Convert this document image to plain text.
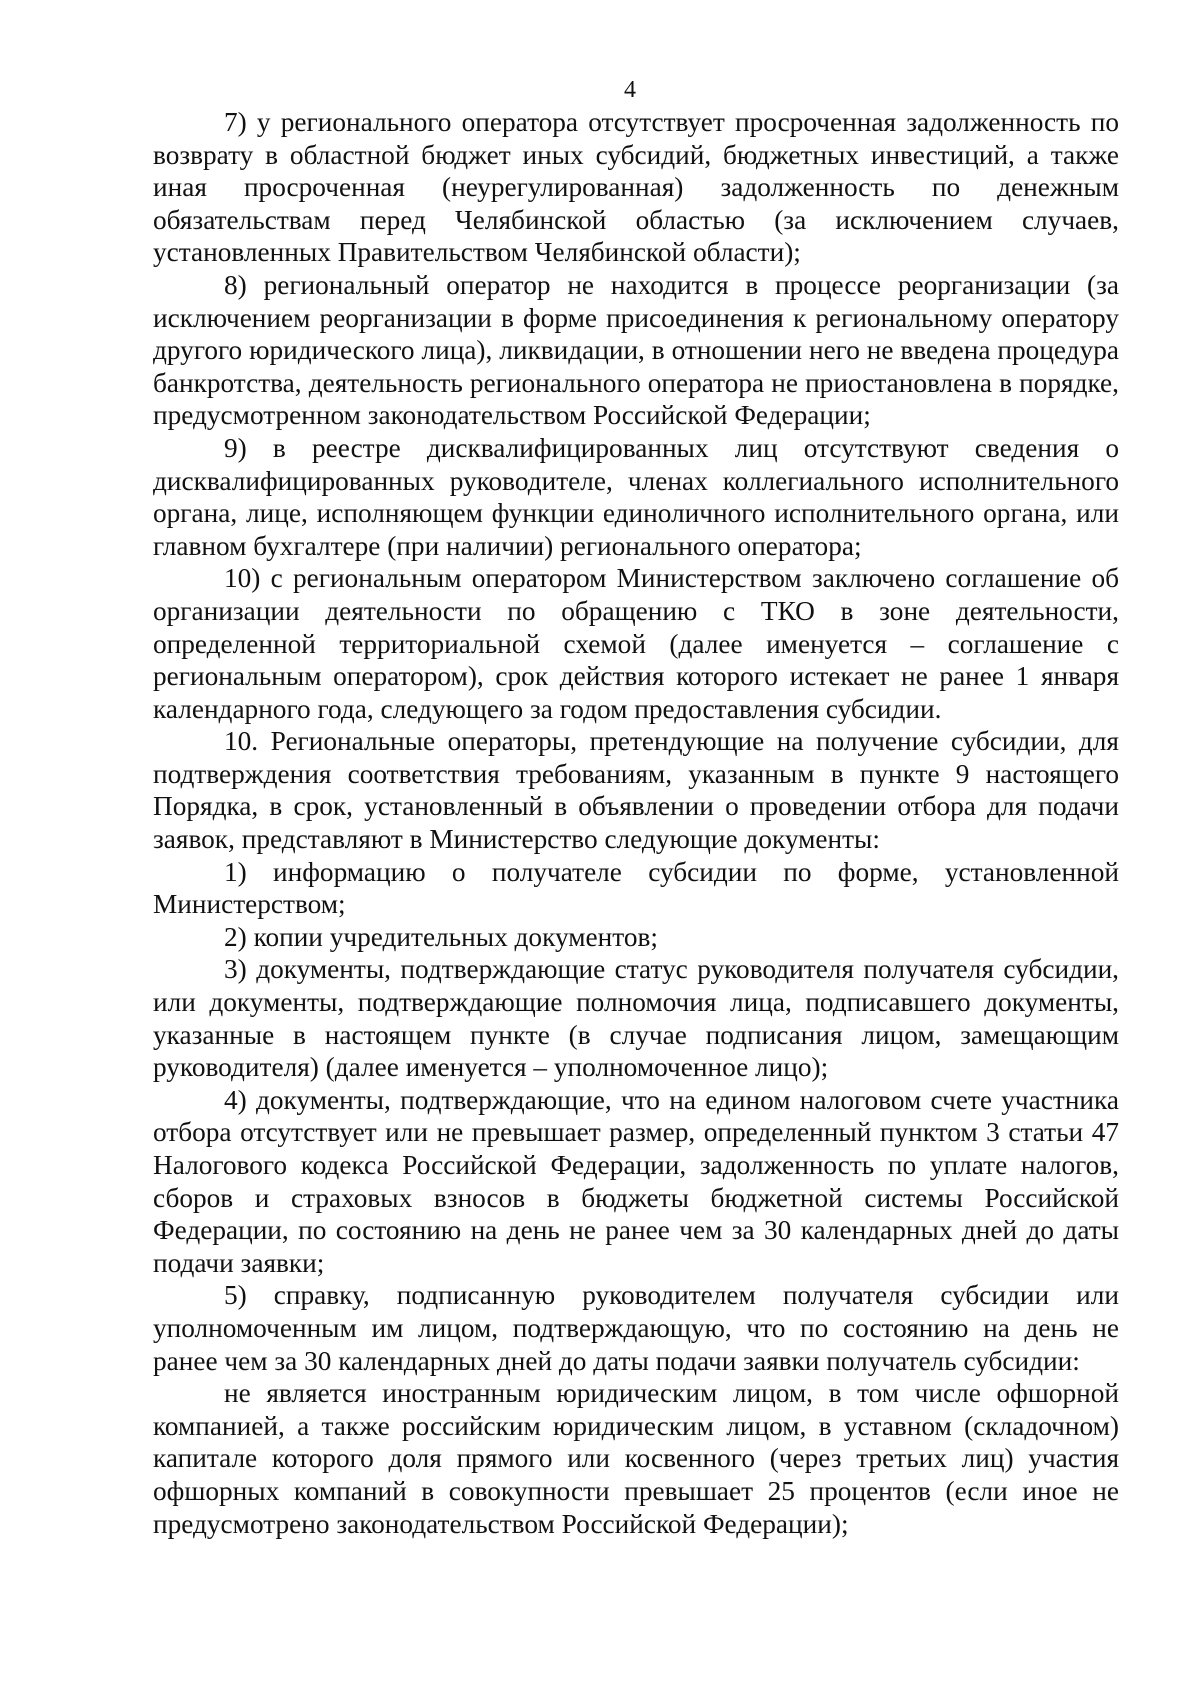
4

7) у регионального оператора отсутствует просроченная задолженность по возврату в областной бюджет иных субсидий, бюджетных инвестиций, а также иная просроченная (неурегулированная) задолженность по денежным обязательствам перед Челябинской областью (за исключением случаев, установленных Правительством Челябинской области);

8) региональный оператор не находится в процессе реорганизации (за исключением реорганизации в форме присоединения к региональному оператору другого юридического лица), ликвидации, в отношении него не введена процедура банкротства, деятельность регионального оператора не приостановлена в порядке, предусмотренном законодательством Российской Федерации;

9) в реестре дисквалифицированных лиц отсутствуют сведения о дисквалифицированных руководителе, членах коллегиального исполнительного органа, лице, исполняющем функции единоличного исполнительного органа, или главном бухгалтере (при наличии) регионального оператора;

10) с региональным оператором Министерством заключено соглашение об организации деятельности по обращению с ТКО в зоне деятельности, определенной территориальной схемой (далее именуется – соглашение с региональным оператором), срок действия которого истекает не ранее 1 января календарного года, следующего за годом предоставления субсидии.

10. Региональные операторы, претендующие на получение субсидии, для подтверждения соответствия требованиям, указанным в пункте 9 настоящего Порядка, в срок, установленный в объявлении о проведении отбора для подачи заявок, представляют в Министерство следующие документы:

1) информацию о получателе субсидии по форме, установленной Министерством;

2) копии учредительных документов;

3) документы, подтверждающие статус руководителя получателя субсидии, или документы, подтверждающие полномочия лица, подписавшего документы, указанные в настоящем пункте (в случае подписания лицом, замещающим руководителя) (далее именуется – уполномоченное лицо);

4) документы, подтверждающие, что на едином налоговом счете участника отбора отсутствует или не превышает размер, определенный пунктом 3 статьи 47 Налогового кодекса Российской Федерации, задолженность по уплате налогов, сборов и страховых взносов в бюджеты бюджетной системы Российской Федерации, по состоянию на день не ранее чем за 30 календарных дней до даты подачи заявки;

5) справку, подписанную руководителем получателя субсидии или уполномоченным им лицом, подтверждающую, что по состоянию на день не ранее чем за 30 календарных дней до даты подачи заявки получатель субсидии:

не является иностранным юридическим лицом, в том числе офшорной компанией, а также российским юридическим лицом, в уставном (складочном) капитале которого доля прямого или косвенного (через третьих лиц) участия офшорных компаний в совокупности превышает 25 процентов (если иное не предусмотрено законодательством Российской Федерации);
